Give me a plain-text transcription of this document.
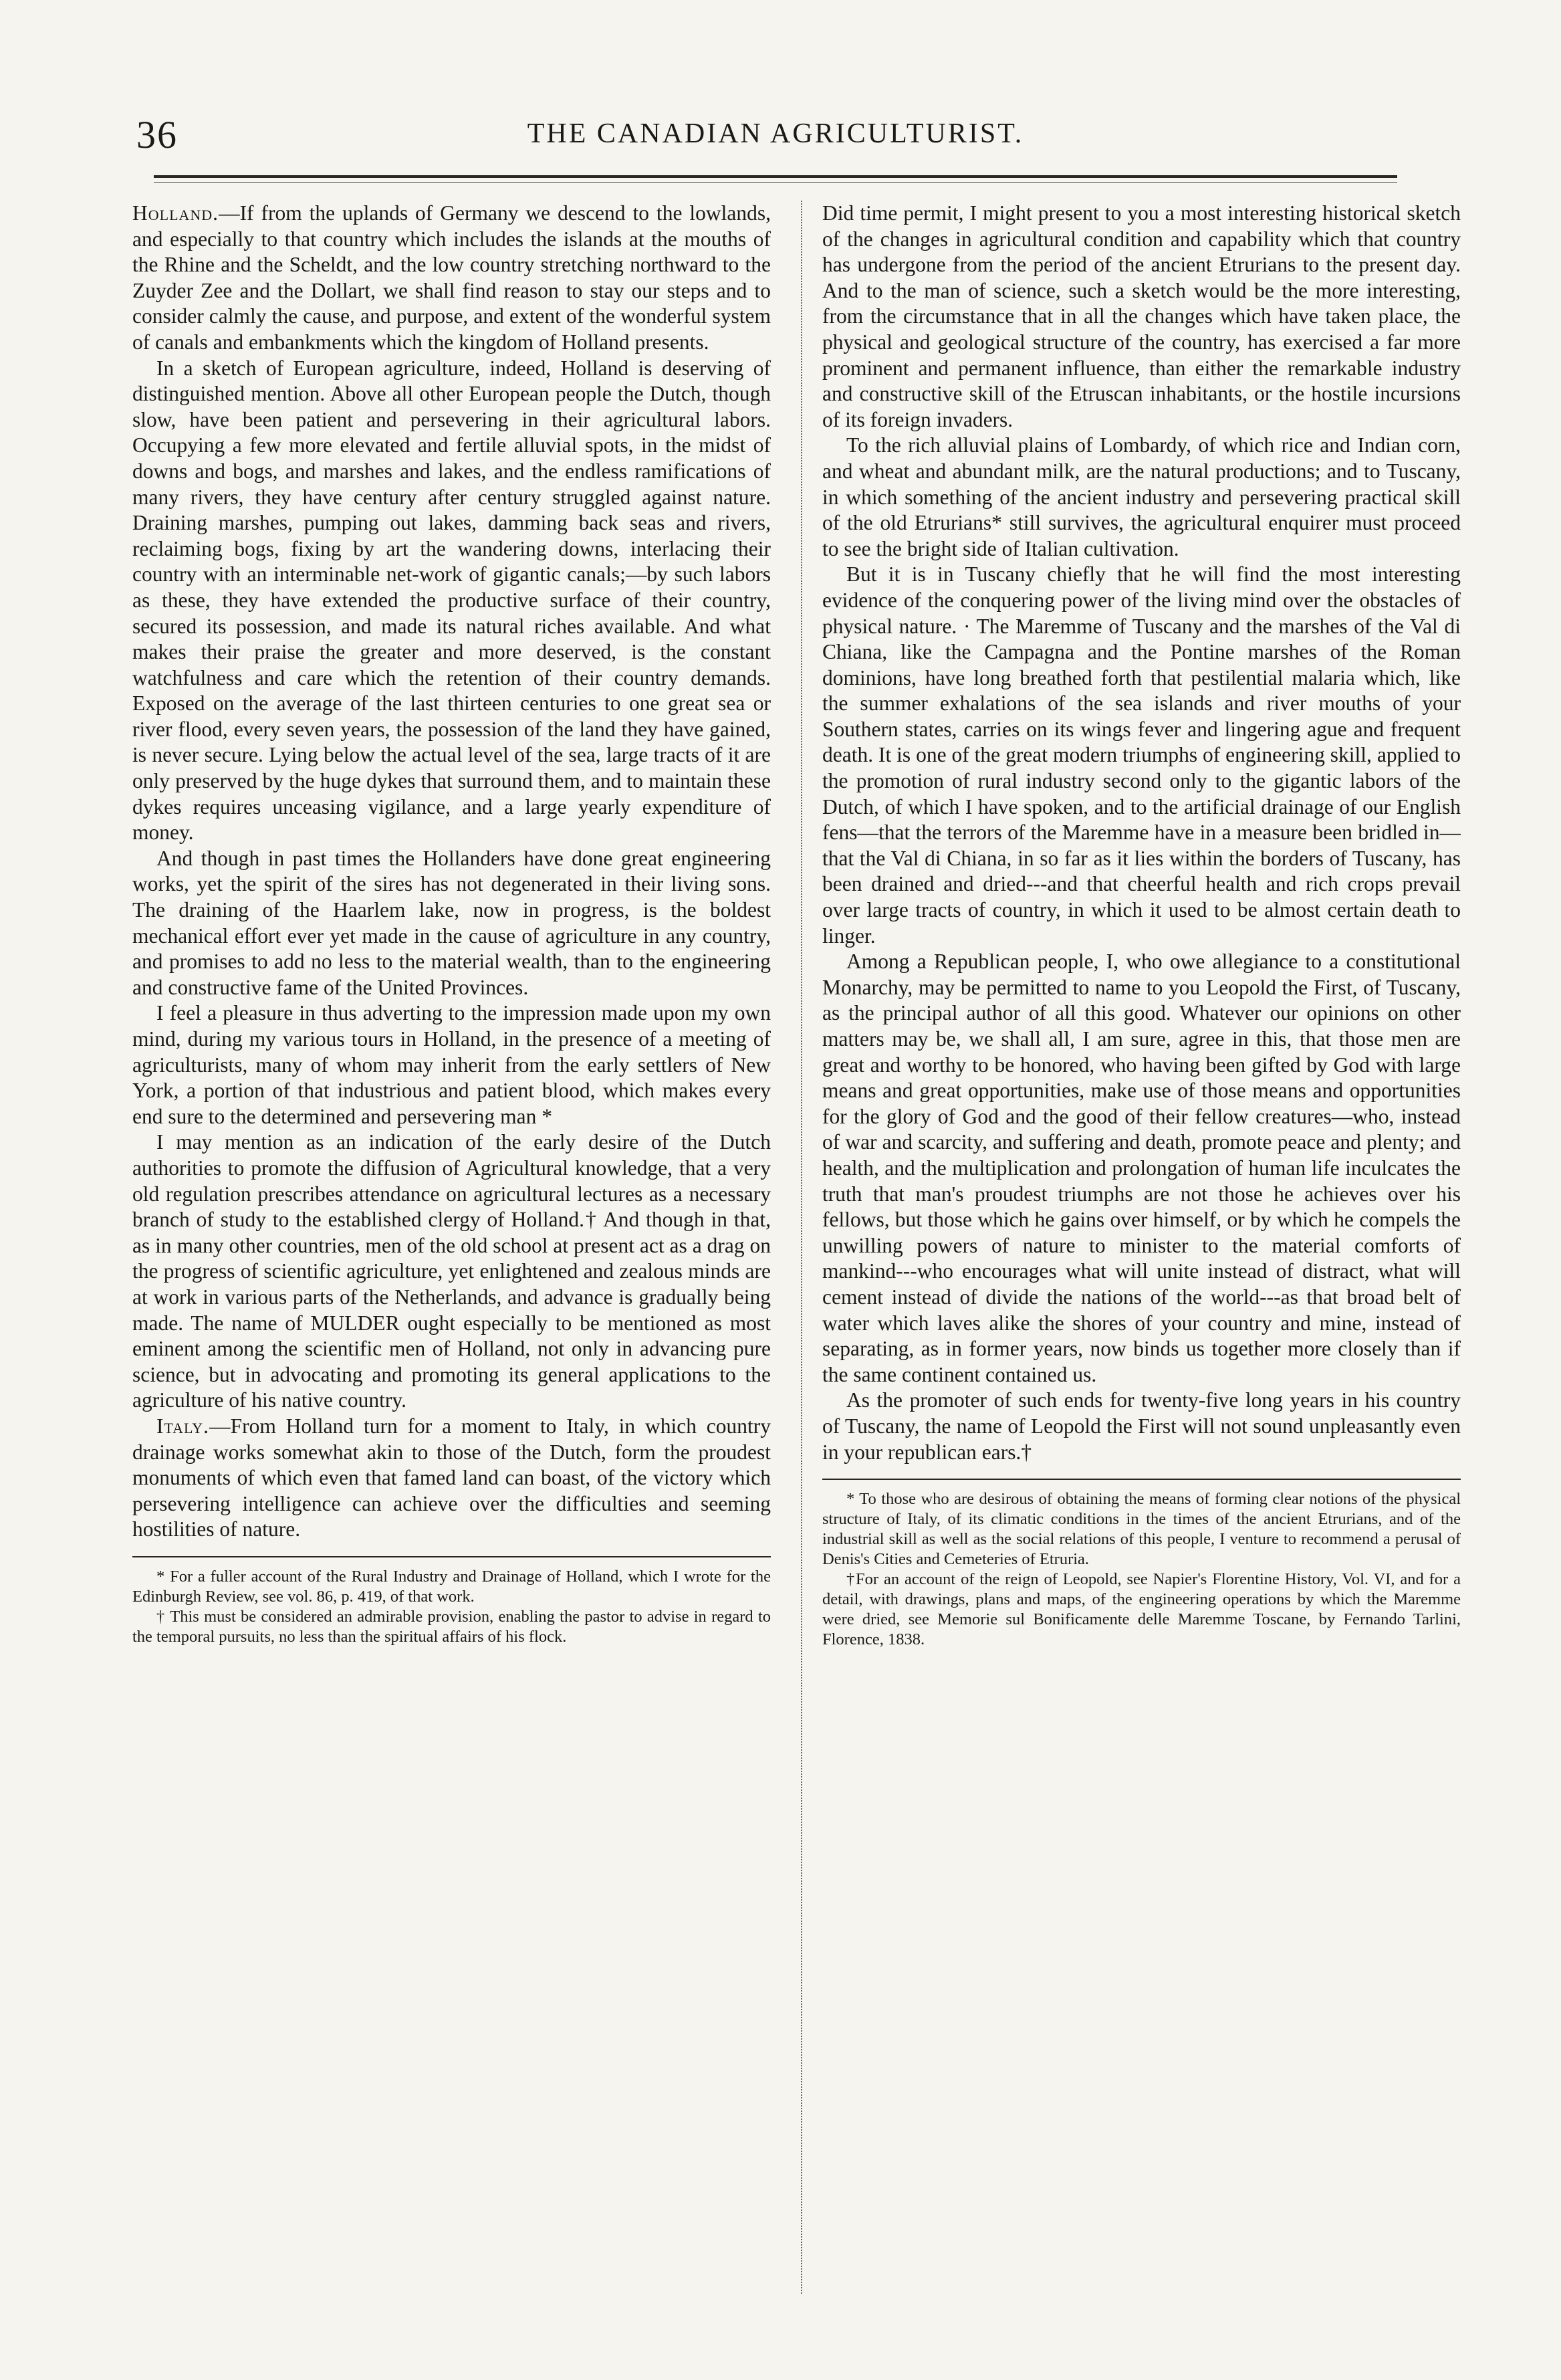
36	THE CANADIAN AGRICULTURIST.

Holland.—If from the uplands of Germany we descend to the lowlands, and especially to that country which includes the islands at the mouths of the Rhine and the Scheldt, and the low country stretching northward to the Zuyder Zee and the Dollart, we shall find reason to stay our steps and to consider calmly the cause, and purpose, and extent of the wonderful system of canals and embankments which the kingdom of Holland presents.

In a sketch of European agriculture, indeed, Holland is deserving of distinguished mention. Above all other European people the Dutch, though slow, have been patient and persevering in their agricultural labors. Occupying a few more elevated and fertile alluvial spots, in the midst of downs and bogs, and marshes and lakes, and the endless ramifications of many rivers, they have century after century struggled against nature. Draining marshes, pumping out lakes, damming back seas and rivers, reclaiming bogs, fixing by art the wandering downs, interlacing their country with an interminable net-work of gigantic canals;—by such labors as these, they have extended the productive surface of their country, secured its possession, and made its natural riches available. And what makes their praise the greater and more deserved, is the constant watchfulness and care which the retention of their country demands. Exposed on the average of the last thirteen centuries to one great sea or river flood, every seven years, the possession of the land they have gained, is never secure. Lying below the actual level of the sea, large tracts of it are only preserved by the huge dykes that surround them, and to maintain these dykes requires unceasing vigilance, and a large yearly expenditure of money.

And though in past times the Hollanders have done great engineering works, yet the spirit of the sires has not degenerated in their living sons. The draining of the Haarlem lake, now in progress, is the boldest mechanical effort ever yet made in the cause of agriculture in any country, and promises to add no less to the material wealth, than to the engineering and constructive fame of the United Provinces.

I feel a pleasure in thus adverting to the impression made upon my own mind, during my various tours in Holland, in the presence of a meeting of agriculturists, many of whom may inherit from the early settlers of New York, a portion of that industrious and patient blood, which makes every end sure to the determined and persevering man *

I may mention as an indication of the early desire of the Dutch authorities to promote the diffusion of Agricultural knowledge, that a very old regulation prescribes attendance on agricultural lectures as a necessary branch of study to the established clergy of Holland.† And though in that, as in many other countries, men of the old school at present act as a drag on the progress of scientific agriculture, yet enlightened and zealous minds are at work in various parts of the Netherlands, and advance is gradually being made. The name of MULDER ought especially to be mentioned as most eminent among the scientific men of Holland, not only in advancing pure science, but in advocating and promoting its general applications to the agriculture of his native country.

Italy.—From Holland turn for a moment to Italy, in which country drainage works somewhat akin to those of the Dutch, form the proudest monuments of which even that famed land can boast, of the victory which persevering intelligence can achieve over the difficulties and seeming hostilities of nature.

* For a fuller account of the Rural Industry and Drainage of Holland, which I wrote for the Edinburgh Review, see vol. 86, p. 419, of that work.

† This must be considered an admirable provision, enabling the pastor to advise in regard to the temporal pursuits, no less than the spiritual affairs of his flock.

Did time permit, I might present to you a most interesting historical sketch of the changes in agricultural condition and capability which that country has undergone from the period of the ancient Etrurians to the present day. And to the man of science, such a sketch would be the more interesting, from the circumstance that in all the changes which have taken place, the physical and geological structure of the country, has exercised a far more prominent and permanent influence, than either the remarkable industry and constructive skill of the Etruscan inhabitants, or the hostile incursions of its foreign invaders.

To the rich alluvial plains of Lombardy, of which rice and Indian corn, and wheat and abundant milk, are the natural productions; and to Tuscany, in which something of the ancient industry and persevering practical skill of the old Etrurians* still survives, the agricultural enquirer must proceed to see the bright side of Italian cultivation.

But it is in Tuscany chiefly that he will find the most interesting evidence of the conquering power of the living mind over the obstacles of physical nature. · The Maremme of Tuscany and the marshes of the Val di Chiana, like the Campagna and the Pontine marshes of the Roman dominions, have long breathed forth that pestilential malaria which, like the summer exhalations of the sea islands and river mouths of your Southern states, carries on its wings fever and lingering ague and frequent death. It is one of the great modern triumphs of engineering skill, applied to the promotion of rural industry second only to the gigantic labors of the Dutch, of which I have spoken, and to the artificial drainage of our English fens—that the terrors of the Maremme have in a measure been bridled in—that the Val di Chiana, in so far as it lies within the borders of Tuscany, has been drained and dried---and that cheerful health and rich crops prevail over large tracts of country, in which it used to be almost certain death to linger.

Among a Republican people, I, who owe allegiance to a constitutional Monarchy, may be permitted to name to you Leopold the First, of Tuscany, as the principal author of all this good. Whatever our opinions on other matters may be, we shall all, I am sure, agree in this, that those men are great and worthy to be honored, who having been gifted by God with large means and great opportunities, make use of those means and opportunities for the glory of God and the good of their fellow creatures—who, instead of war and scarcity, and suffering and death, promote peace and plenty; and health, and the multiplication and prolongation of human life inculcates the truth that man's proudest triumphs are not those he achieves over his fellows, but those which he gains over himself, or by which he compels the unwilling powers of nature to minister to the material comforts of mankind---who encourages what will unite instead of distract, what will cement instead of divide the nations of the world---as that broad belt of water which laves alike the shores of your country and mine, instead of separating, as in former years, now binds us together more closely than if the same continent contained us.

As the promoter of such ends for twenty-five long years in his country of Tuscany, the name of Leopold the First will not sound unpleasantly even in your republican ears.†

* To those who are desirous of obtaining the means of forming clear notions of the physical structure of Italy, of its climatic conditions in the times of the ancient Etrurians, and of the industrial skill as well as the social relations of this people, I venture to recommend a perusal of Denis's Cities and Cemeteries of Etruria.

†For an account of the reign of Leopold, see Napier's Florentine History, Vol. VI, and for a detail, with drawings, plans and maps, of the engineering operations by which the Maremme were dried, see Memorie sul Bonificamente delle Maremme Toscane, by Fernando Tarlini, Florence, 1838.
